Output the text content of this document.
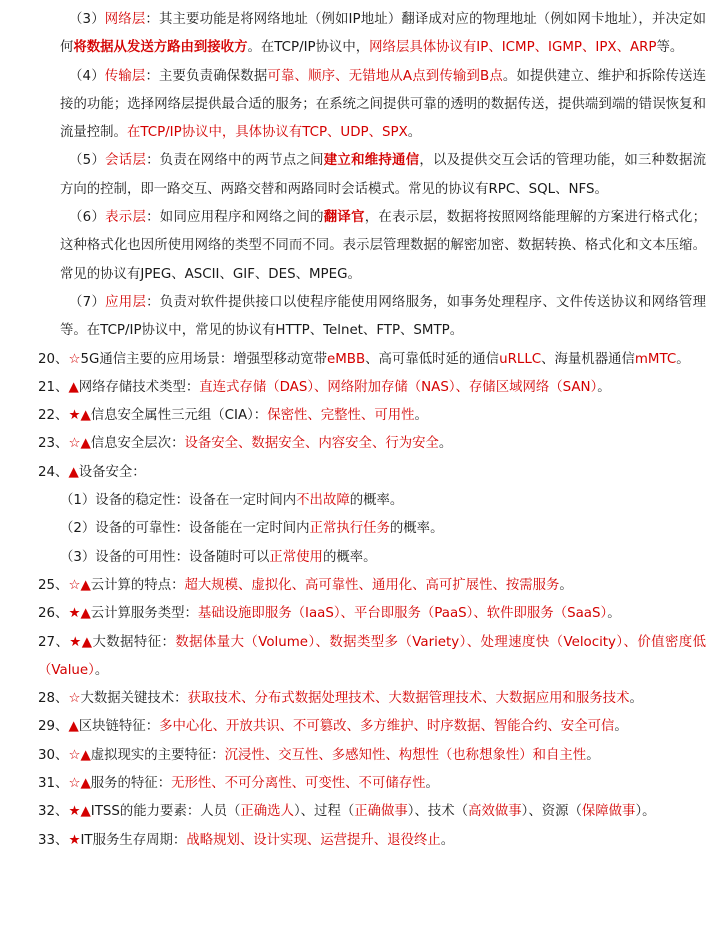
（3）网络层：其主要功能是将网络地址（例如IP地址）翻译成对应的物理地址（例如网卡地址），并决定如何将数据从发送方路由到接收方。在TCP/IP协议中，网络层具体协议有IP、ICMP、IGMP、IPX、ARP等。

（4）传输层：主要负责确保数据可靠、顺序、无错地从A点到传输到B点。如提供建立、维护和拆除传送连接的功能；选择网络层提供最合适的服务；在系统之间提供可靠的透明的数据传送，提供端到端的错误恢复和流量控制。在TCP/IP协议中，具体协议有TCP、UDP、SPX。

（5）会话层：负责在网络中的两节点之间建立和维持通信，以及提供交互会话的管理功能，如三种数据流方向的控制，即一路交互、两路交替和两路同时会话模式。常见的协议有RPC、SQL、NFS。

（6）表示层：如同应用程序和网络之间的翻译官，在表示层，数据将按照网络能理解的方案进行格式化；这种格式化也因所使用网络的类型不同而不同。表示层管理数据的解密加密、数据转换、格式化和文本压缩。常见的协议有JPEG、ASCII、GIF、DES、MPEG。

（7）应用层：负责对软件提供接口以使程序能使用网络服务，如事务处理程序、文件传送协议和网络管理等。在TCP/IP协议中，常见的协议有HTTP、Telnet、FTP、SMTP。

20、☆5G通信主要的应用场景：增强型移动宽带eMBB、高可靠低时延的通信uRLLC、海量机器通信mMTC。

21、▲网络存储技术类型：直连式存储（DAS）、网络附加存储（NAS）、存储区域网络（SAN）。

22、★▲信息安全属性三元组（CIA）：保密性、完整性、可用性。

23、☆▲信息安全层次：设备安全、数据安全、内容安全、行为安全。

24、▲设备安全：

（1）设备的稳定性：设备在一定时间内不出故障的概率。

（2）设备的可靠性：设备能在一定时间内正常执行任务的概率。

（3）设备的可用性：设备随时可以正常使用的概率。

25、☆▲云计算的特点：超大规模、虚拟化、高可靠性、通用化、高可扩展性、按需服务。

26、★▲云计算服务类型：基础设施即服务（IaaS）、平台即服务（PaaS）、软件即服务（SaaS）。

27、★▲大数据特征：数据体量大（Volume）、数据类型多（Variety）、处理速度快（Velocity）、价值密度低（Value）。

28、☆大数据关键技术：获取技术、分布式数据处理技术、大数据管理技术、大数据应用和服务技术。

29、▲区块链特征：多中心化、开放共识、不可篡改、多方维护、时序数据、智能合约、安全可信。

30、☆▲虚拟现实的主要特征：沉浸性、交互性、多感知性、构想性（也称想象性）和自主性。

31、☆▲服务的特征：无形性、不可分离性、可变性、不可储存性。

32、★▲ITSS的能力要素：人员（正确选人）、过程（正确做事）、技术（高效做事）、资源（保障做事）。

33、★IT服务生存周期：战略规划、设计实现、运营提升、退役终止。
